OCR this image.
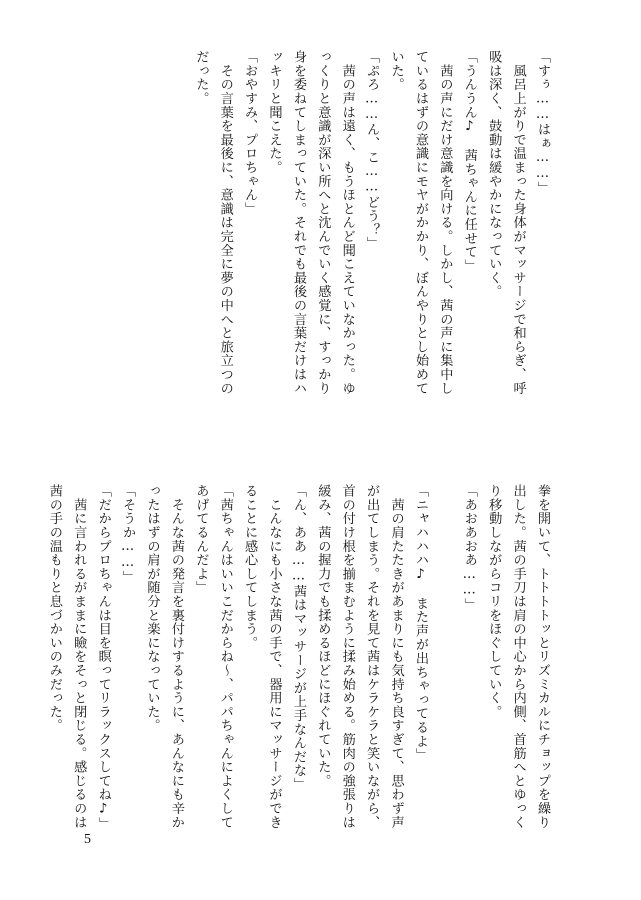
「すぅ……はぁ……」
　風呂上がりで温まった身体がマッサージで和らぎ、呼
吸は深く、鼓動は緩やかになっていく。
「うんうん♪　茜ちゃんに任せて」
　茜の声にだけ意識を向ける。しかし、茜の声に集中し
ているはずの意識にモヤがかかり、ぼんやりとし始めて
いた。
「ぷろ……ん、こ……どう？」
　茜の声は遠く、もうほとんど聞こえていなかった。ゆ
っくりと意識が深い所へと沈んでいく感覚に、すっかり
身を委ねてしまっていた。それでも最後の言葉だけはハ
ッキリと聞こえた。
「おやすみ、プロちゃん」
　その言葉を最後に、意識は完全に夢の中へと旅立つの
だった。
拳を開いて、トトトトッとリズミカルにチョップを繰り
出した。茜の手刀は肩の中心から内側、首筋へとゆっく
り移動しながらコリをほぐしていく。
「あおあおあ……」

「ニャハハハ♪　また声が出ちゃってるよ」
　茜の肩たたきがあまりにも気持ち良すぎて、思わず声
が出てしまう。それを見て茜はケラケラと笑いながら、
首の付け根を揃まむように揉み始める。筋肉の強張りは
緩み、茜の握力でも揉めるほどにほぐれていた。
「ん、ああ……茜はマッサージが上手なんだな」
　こんなにも小さな茜の手で、器用にマッサージができ
ることに感心してしまう。
「茜ちゃんはいいこだからね～、パパちゃんによくして
あげてるんだよ」
　そんな茜の発言を裏付けするように、あんなにも辛か
ったはずの肩が随分と楽になっていた。
「そうか……」
「だからプロちゃんは目を瞑ってリラックスしてね♪」
　茜に言われるがままに瞼をそっと閉じる。感じるのは
茜の手の温もりと息づかいのみだった。
5
